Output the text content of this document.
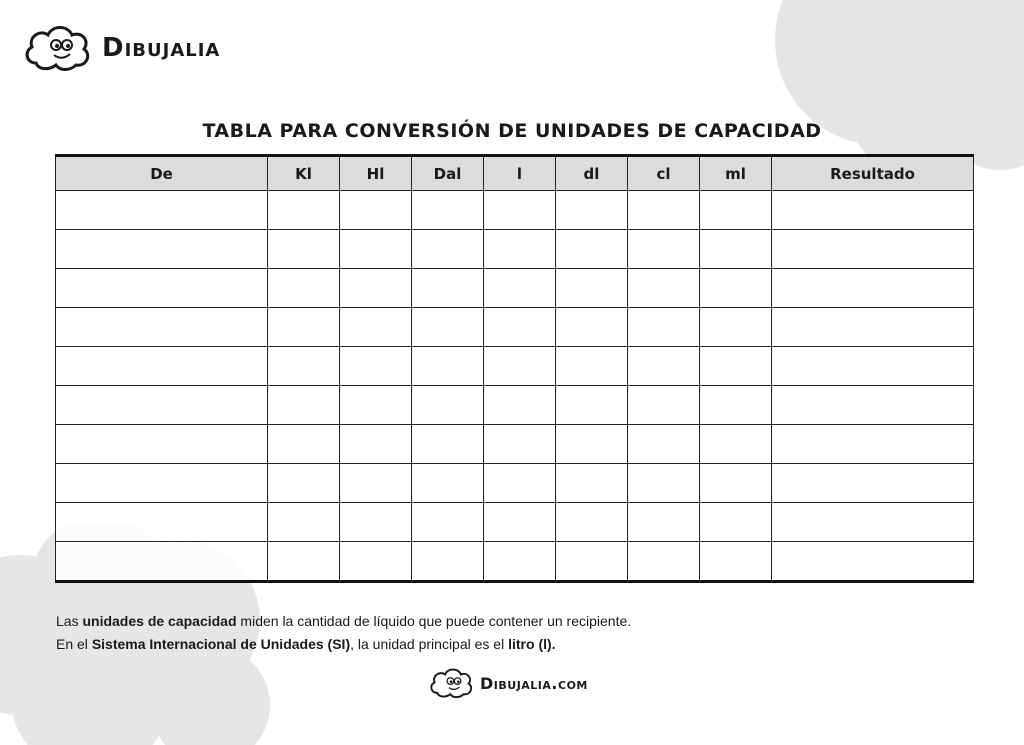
Dibujalia
TABLA PARA CONVERSIÓN DE UNIDADES DE CAPACIDAD
De	Kl	Hl	Dal	l	dl	cl	ml	Resultado

Las unidades de capacidad miden la cantidad de líquido que puede contener un recipiente.
En el Sistema Internacional de Unidades (SI), la unidad principal es el litro (l).
Dibujalia.com
